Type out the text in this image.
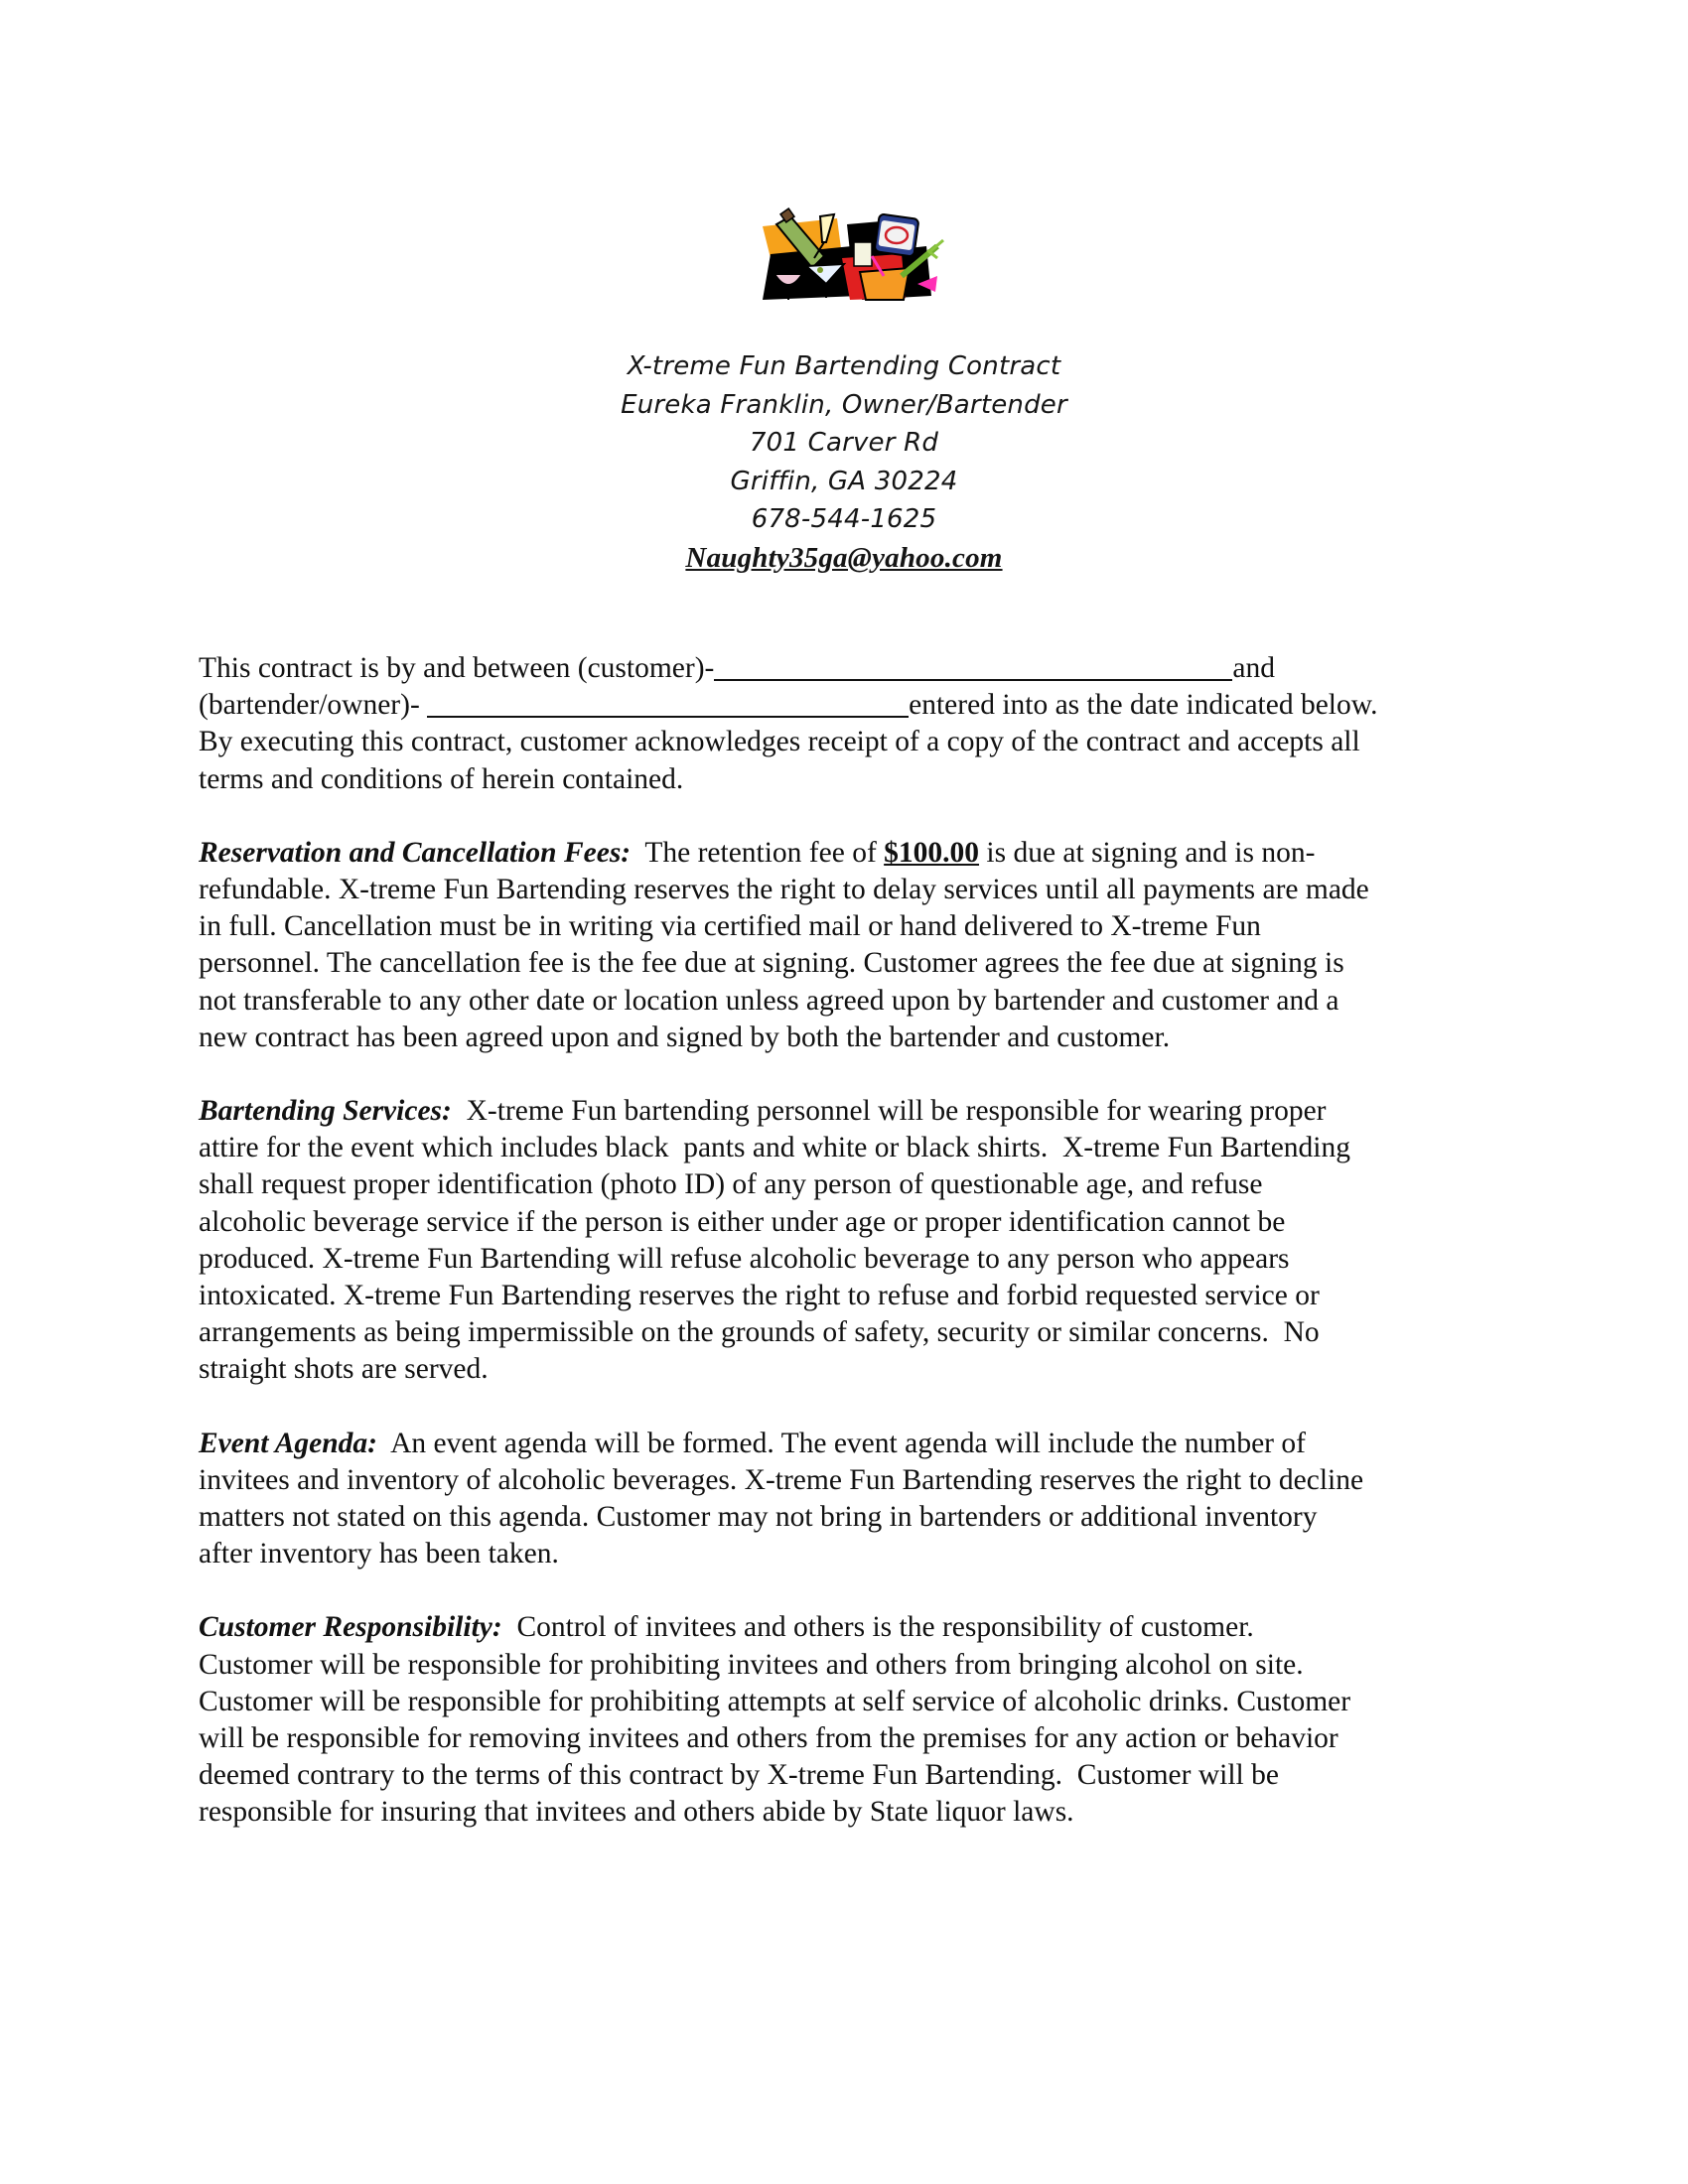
X-treme Fun Bartending Contract
Eureka Franklin, Owner/Bartender
701 Carver Rd
Griffin, GA 30224
678-544-1625
Naughty35ga@yahoo.com
This contract is by and between (customer)-	and
(bartender/owner)-	entered into as the date indicated below.
By executing this contract, customer acknowledges receipt of a copy of the contract and accepts all
terms and conditions of herein contained.
Reservation and Cancellation Fees:  The retention fee of $100.00 is due at signing and is non-
refundable. X-treme Fun Bartending reserves the right to delay services until all payments are made
in full. Cancellation must be in writing via certified mail or hand delivered to X-treme Fun
personnel. The cancellation fee is the fee due at signing. Customer agrees the fee due at signing is
not transferable to any other date or location unless agreed upon by bartender and customer and a
new contract has been agreed upon and signed by both the bartender and customer.
Bartending Services:  X-treme Fun bartending personnel will be responsible for wearing proper
attire for the event which includes black  pants and white or black shirts.  X-treme Fun Bartending
shall request proper identification (photo ID) of any person of questionable age, and refuse
alcoholic beverage service if the person is either under age or proper identification cannot be
produced. X-treme Fun Bartending will refuse alcoholic beverage to any person who appears
intoxicated. X-treme Fun Bartending reserves the right to refuse and forbid requested service or
arrangements as being impermissible on the grounds of safety, security or similar concerns.  No
straight shots are served.
Event Agenda:  An event agenda will be formed. The event agenda will include the number of
invitees and inventory of alcoholic beverages. X-treme Fun Bartending reserves the right to decline
matters not stated on this agenda. Customer may not bring in bartenders or additional inventory
after inventory has been taken.
Customer Responsibility:  Control of invitees and others is the responsibility of customer.
Customer will be responsible for prohibiting invitees and others from bringing alcohol on site.
Customer will be responsible for prohibiting attempts at self service of alcoholic drinks. Customer
will be responsible for removing invitees and others from the premises for any action or behavior
deemed contrary to the terms of this contract by X-treme Fun Bartending.  Customer will be
responsible for insuring that invitees and others abide by State liquor laws.
